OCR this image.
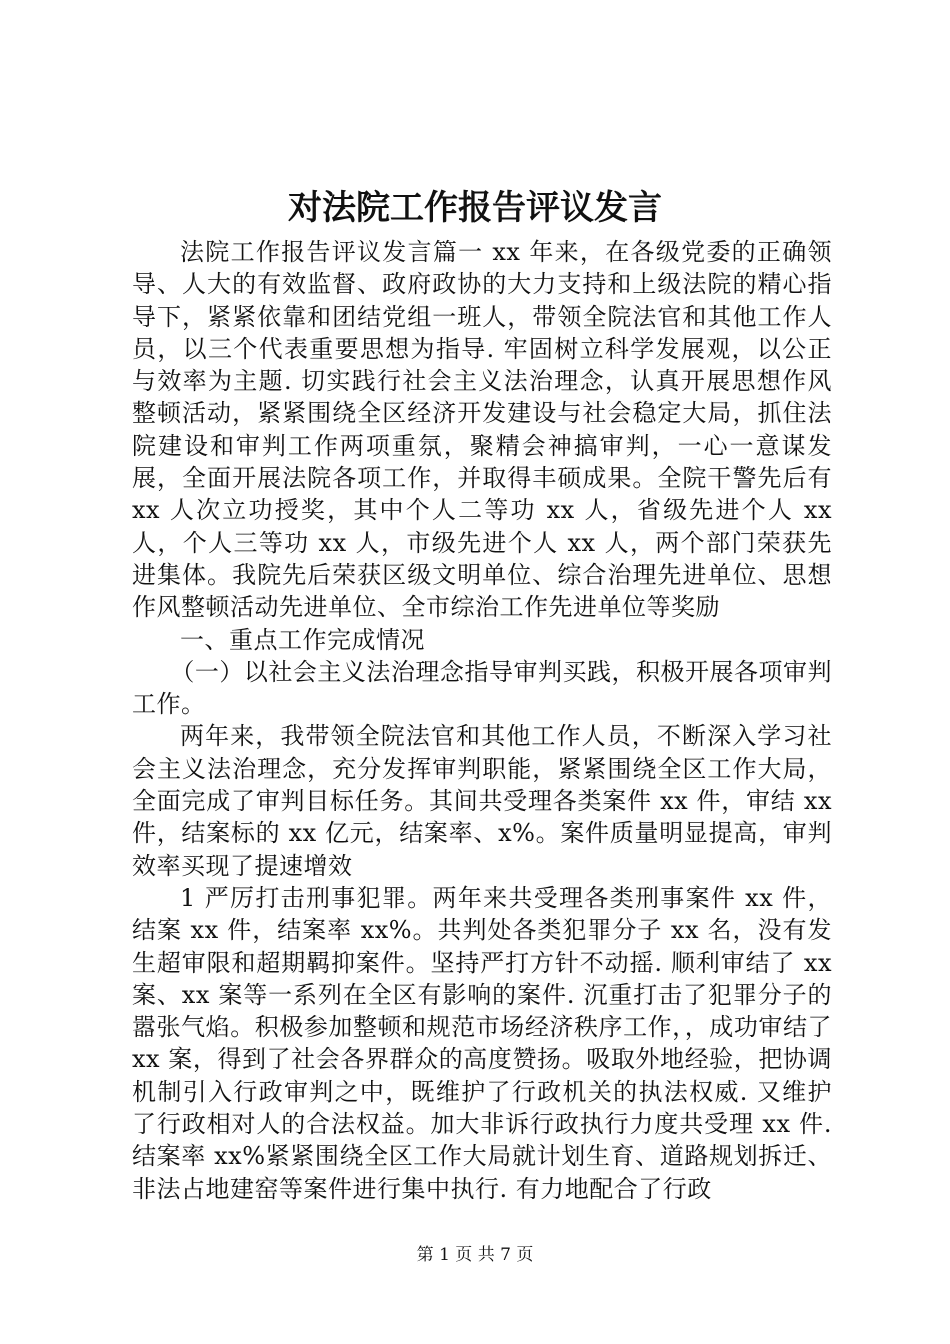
对法院工作报告评议发言

法院工作报告评议发言篇一 xx 年来，在各级党委的正确领导、人大的有效监督、政府政协的大力支持和上级法院的精心指导下，紧紧依靠和团结党组一班人，带领全院法官和其他工作人员，以三个代表重要思想为指导. 牢固树立科学发展观，以公正与效率为主题. 切实践行社会主义法治理念，认真开展思想作风整顿活动，紧紧围绕全区经济开发建设与社会稳定大局，抓住法院建设和审判工作两项重氛，聚精会神搞审判，一心一意谋发展，全面开展法院各项工作，并取得丰硕成果。全院干警先后有 xx 人次立功授奖，其中个人二等功 xx 人，省级先进个人 xx 人，个人三等功 xx 人，市级先进个人 xx 人，两个部门荣获先进集体。我院先后荣获区级文明单位、综合治理先进单位、思想作风整顿活动先进单位、全市综治工作先进单位等奖励

一、重点工作完成情况

（一）以社会主义法治理念指导审判买践，积极开展各项审判工作。

两年来，我带领全院法官和其他工作人员，不断深入学习社会主义法治理念，充分发挥审判职能，紧紧围绕全区工作大局，全面完成了审判目标任务。其间共受理各类案件 xx 件，审结 xx 件，结案标的 xx 亿元，结案率、x%。案件质量明显提高，审判效率买现了提速增效

1 严厉打击刑事犯罪。两年来共受理各类刑事案件 xx 件，结案 xx 件，结案率 xx%。共判处各类犯罪分子 xx 名，没有发生超审限和超期羁抑案件。坚持严打方针不动摇. 顺利审结了 xx 案、xx 案等一系列在全区有影响的案件. 沉重打击了犯罪分子的嚣张气焰。积极参加整顿和规范市场经济秩序工作，，成功审结了 xx 案，得到了社会各界群众的高度赞扬。吸取外地经验，把协调机制引入行政审判之中，既维护了行政机关的执法权威. 又维护了行政相对人的合法权益。加大非诉行政执行力度共受理 xx 件. 结案率 xx%紧紧围绕全区工作大局就计划生育、道路规划拆迁、非法占地建窑等案件进行集中执行. 有力地配合了行政

第 1 页 共 7 页
